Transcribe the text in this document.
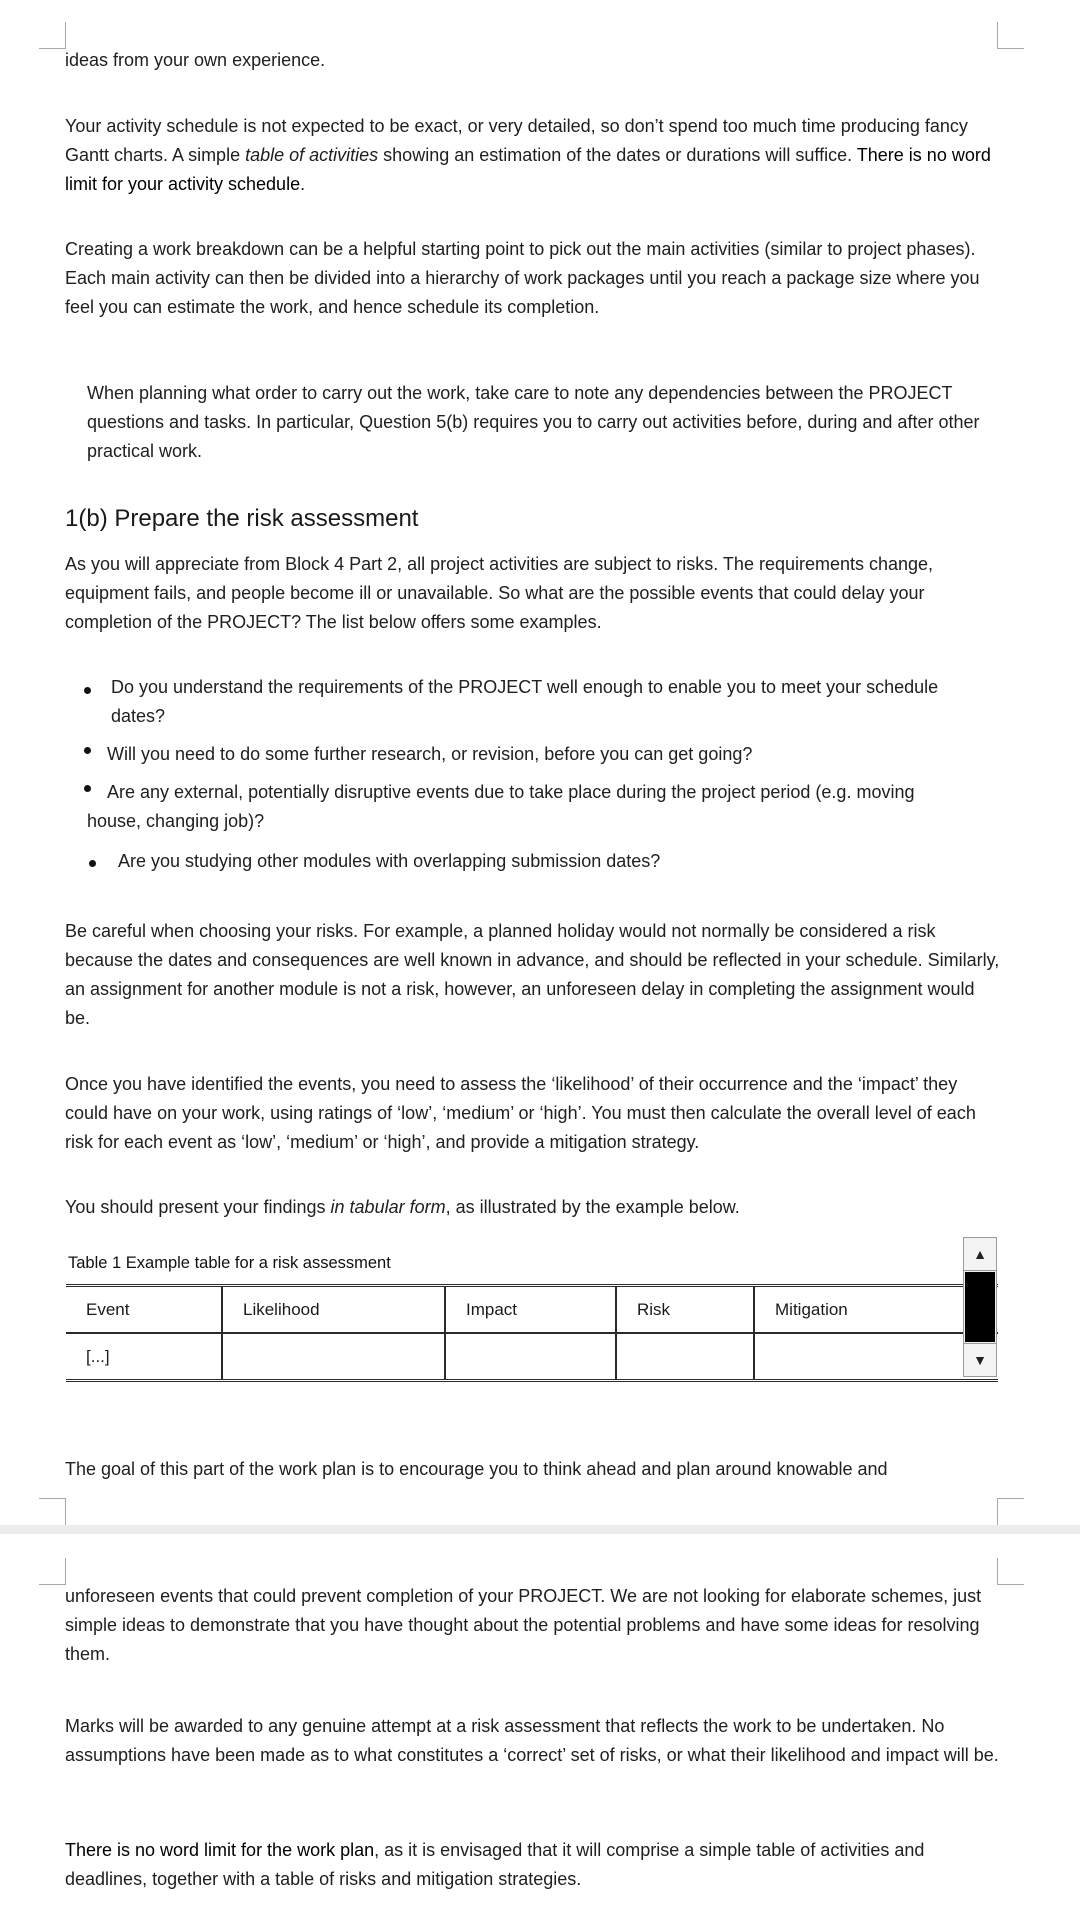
ideas from your own experience.

Your activity schedule is not expected to be exact, or very detailed, so don’t spend too much time producing fancy Gantt charts. A simple table of activities showing an estimation of the dates or durations will suffice. There is no word limit for your activity schedule.

Creating a work breakdown can be a helpful starting point to pick out the main activities (similar to project phases). Each main activity can then be divided into a hierarchy of work packages until you reach a package size where you feel you can estimate the work, and hence schedule its completion.

When planning what order to carry out the work, take care to note any dependencies between the PROJECT questions and tasks. In particular, Question 5(b) requires you to carry out activities before, during and after other practical work.

1(b) Prepare the risk assessment

As you will appreciate from Block 4 Part 2, all project activities are subject to risks. The requirements change, equipment fails, and people become ill or unavailable. So what are the possible events that could delay your completion of the PROJECT? The list below offers some examples.

Do you understand the requirements of the PROJECT well enough to enable you to meet your schedule dates?

Will you need to do some further research, or revision, before you can get going?

Are any external, potentially disruptive events due to take place during the project period (e.g. moving house, changing job)?

Are you studying other modules with overlapping submission dates?

Be careful when choosing your risks. For example, a planned holiday would not normally be considered a risk because the dates and consequences are well known in advance, and should be reflected in your schedule. Similarly, an assignment for another module is not a risk, however, an unforeseen delay in completing the assignment would be.

Once you have identified the events, you need to assess the ‘likelihood’ of their occurrence and the ‘impact’ they could have on your work, using ratings of ‘low’, ‘medium’ or ‘high’. You must then calculate the overall level of each risk for each event as ‘low’, ‘medium’ or ‘high’, and provide a mitigation strategy.

You should present your findings in tabular form, as illustrated by the example below.

Table 1 Example table for a risk assessment

Event	Likelihood	Impact	Risk	Mitigation
[...]				
▲
▼

The goal of this part of the work plan is to encourage you to think ahead and plan around knowable and

unforeseen events that could prevent completion of your PROJECT. We are not looking for elaborate schemes, just simple ideas to demonstrate that you have thought about the potential problems and have some ideas for resolving them.

Marks will be awarded to any genuine attempt at a risk assessment that reflects the work to be undertaken. No assumptions have been made as to what constitutes a ‘correct’ set of risks, or what their likelihood and impact will be.

There is no word limit for the work plan, as it is envisaged that it will comprise a simple table of activities and deadlines, together with a table of risks and mitigation strategies.
